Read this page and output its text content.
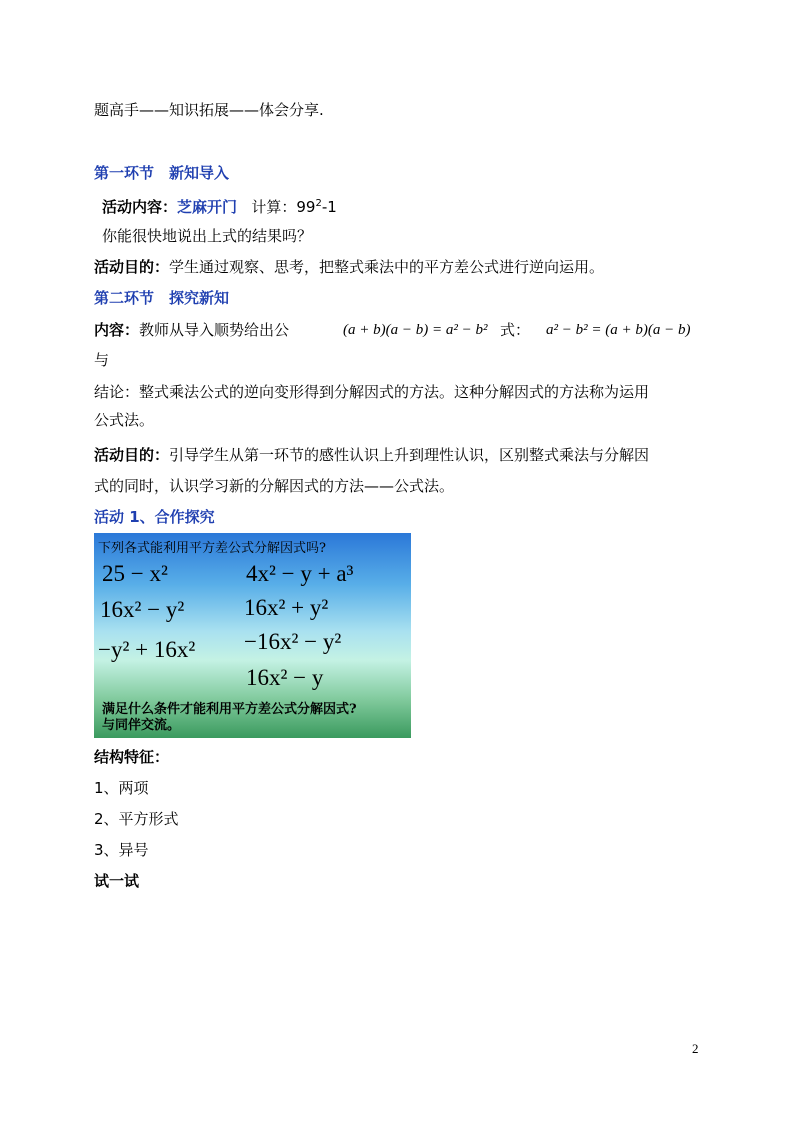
题高手——知识拓展——体会分享.
第一环节　新知导入
活动内容：芝麻开门 计算：$99^2-1$
你能很快地说出上式的结果吗？
活动目的：学生通过观察、思考，把整式乘法中的平方差公式进行逆向运用。
第二环节　探究新知
内容：教师从导入顺势给出公	(a + b)(a − b) = a² − b² 式： a² − b² = (a + b)(a − b)
与
结论：整式乘法公式的逆向变形得到分解因式的方法。这种分解因式的方法称为运用
公式法。
活动目的：引导学生从第一环节的感性认识上升到理性认识，区别整式乘法与分解因
式的同时，认识学习新的分解因式的方法——公式法。
活动 1、合作探究
下列各式能利用平方差公式分解因式吗?
25 − x²
16x² − y²
−y² + 16x²
4x² − y + a³
16x² + y²
−16x² − y²
16x² − y
满足什么条件才能利用平方差公式分解因式?
与同伴交流。
结构特征：
1、两项
2、平方形式
3、异号
试一试
2
